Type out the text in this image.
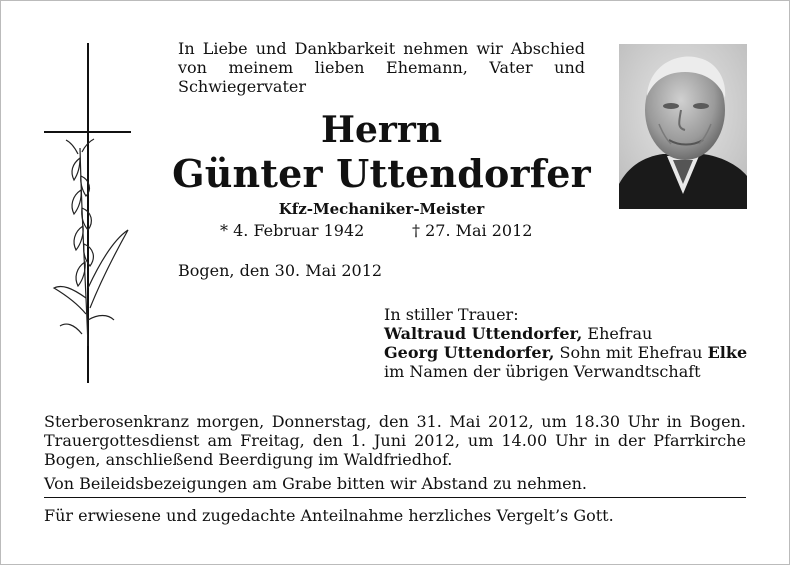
In Liebe und Dankbarkeit nehmen wir Abschied von meinem lieben Ehemann, Vater und Schwiegervater
Herrn
Günter Uttendorfer
Kfz-Mechaniker-Meister
* 4. Februar 1942	† 27. Mai 2012
Bogen, den 30. Mai 2012
In stiller Trauer:
Waltraud Uttendorfer, Ehefrau
Georg Uttendorfer, Sohn mit Ehefrau Elke
im Namen der übrigen Verwandtschaft
Sterberosenkranz morgen, Donnerstag, den 31. Mai 2012, um 18.30 Uhr in Bogen. Trauergottesdienst am Freitag, den 1. Juni 2012, um 14.00 Uhr in der Pfarrkirche Bogen, anschließend Beerdigung im Waldfriedhof.
Von Beileidsbezeigungen am Grabe bitten wir Abstand zu nehmen.
Für erwiesene und zugedachte Anteilnahme herzliches Vergelt’s Gott.
